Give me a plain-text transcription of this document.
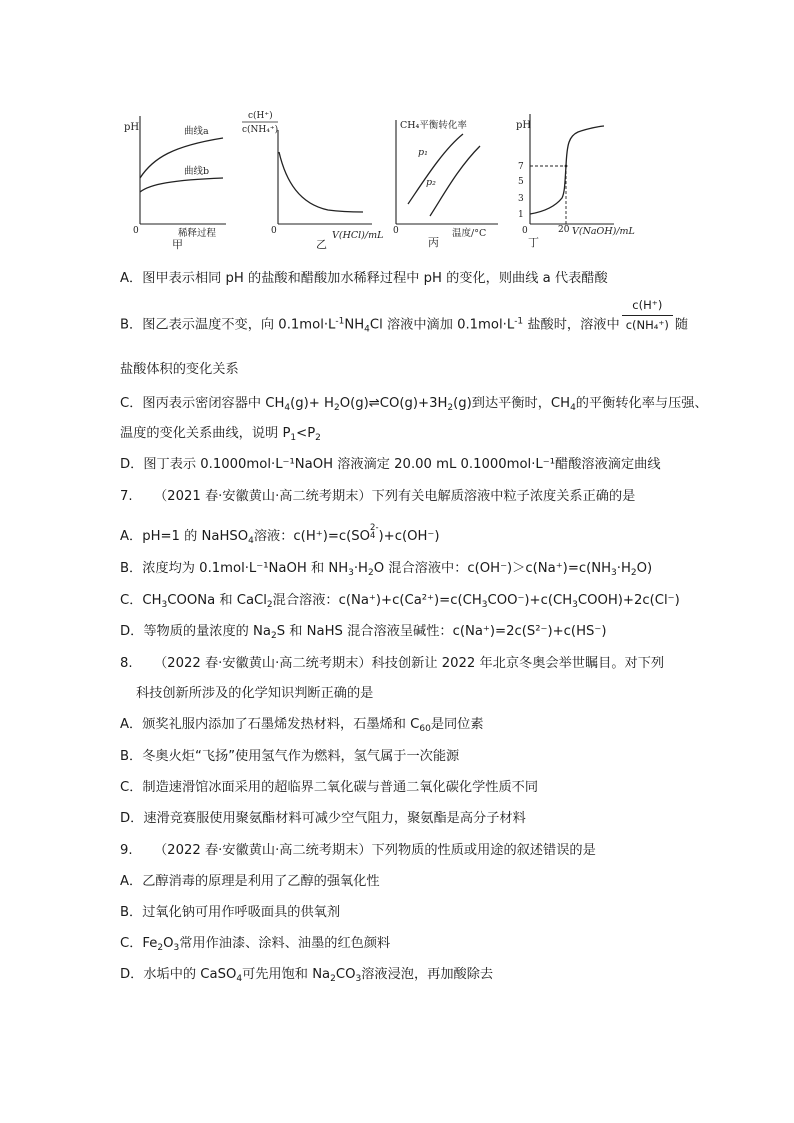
pH	曲线a
曲线b
0	稀释过程
甲
c(H⁺)
c(NH₄⁺)
0	V(HCl)/mL
乙
CH₄平衡转化率
p₁
p₂
0	温度/°C
丙
pH
7
5
3
1
0	20 V(NaOH)/mL
丁
A．图甲表示相同 pH 的盐酸和醋酸加水稀释过程中 pH 的变化，则曲线 a 代表醋酸
B．图乙表示温度不变，向 $0.1mol\cdot L^{-1}NH_4Cl$ 溶液中滴加 $0.1mol\cdot L^{-1}$ 盐酸时，溶液中 $\frac{c(H^+)}{\text{c(NH₄⁺)}}$ 随
盐酸体积的变化关系
C．图丙表示密闭容器中 $CH_4(g)+$ $H_2O(g)\rightleftharpoons CO(g)+3H_2(g)$到达平衡时，$CH_4$的平衡转化率与压强、
温度的变化关系曲线，说明 $P_1<P_2$
D．图丁表示 0.1000mol·L⁻¹NaOH 溶液滴定 20.00 mL 0.1000mol·L⁻¹醋酸溶液滴定曲线
7. （2021 春·安徽黄山·高二统考期末）下列有关电解质溶液中粒子浓度关系正确的是
A．pH=1 的 NaHSO$_4$溶液：c(H⁺)=c(SO2-
4 )+c(OH⁻)
B．浓度均为 0.1mol·L⁻¹NaOH 和 $NH_3\cdot H_2O$ 混合溶液中：$c(OH^-)>c(Na^+)=c(NH_3\cdot H_2O)$
C．$CH_3COONa$ 和 CaCl$_2$混合溶液：$c(Na^+)+c(Ca^{2+})=c(CH_3COO^-)+c(CH_3COOH)+2c(Cl^-)$
D．等物质的量浓度的 $Na_2S$ 和 NaHS 混合溶液呈碱性：c(Na⁺)=2c(S²⁻)+c(HS⁻)
8. （2022 春·安徽黄山·高二统考期末）科技创新让 2022 年北京冬奥会举世瞩目。对下列
科技创新所涉及的化学知识判断正确的是
A．颁奖礼服内添加了石墨烯发热材料，石墨烯和 $C_{60}$是同位素
B．冬奥火炬“飞扬”使用氢气作为燃料，氢气属于一次能源
C．制造速滑馆冰面采用的超临界二氧化碳与普通二氧化碳化学性质不同
D．速滑竞赛服使用聚氨酯材料可减少空气阻力，聚氨酯是高分子材料
9. （2022 春·安徽黄山·高二统考期末）下列物质的性质或用途的叙述错误的是
A．乙醇消毒的原理是利用了乙醇的强氧化性
B．过氧化钠可用作呼吸面具的供氧剂
C．$Fe_2O_3$常用作油漆、涂料、油墨的红色颜料
D．水垢中的 CaSO$_4$可先用饱和 $Na_2CO_3$溶液浸泡，再加酸除去
